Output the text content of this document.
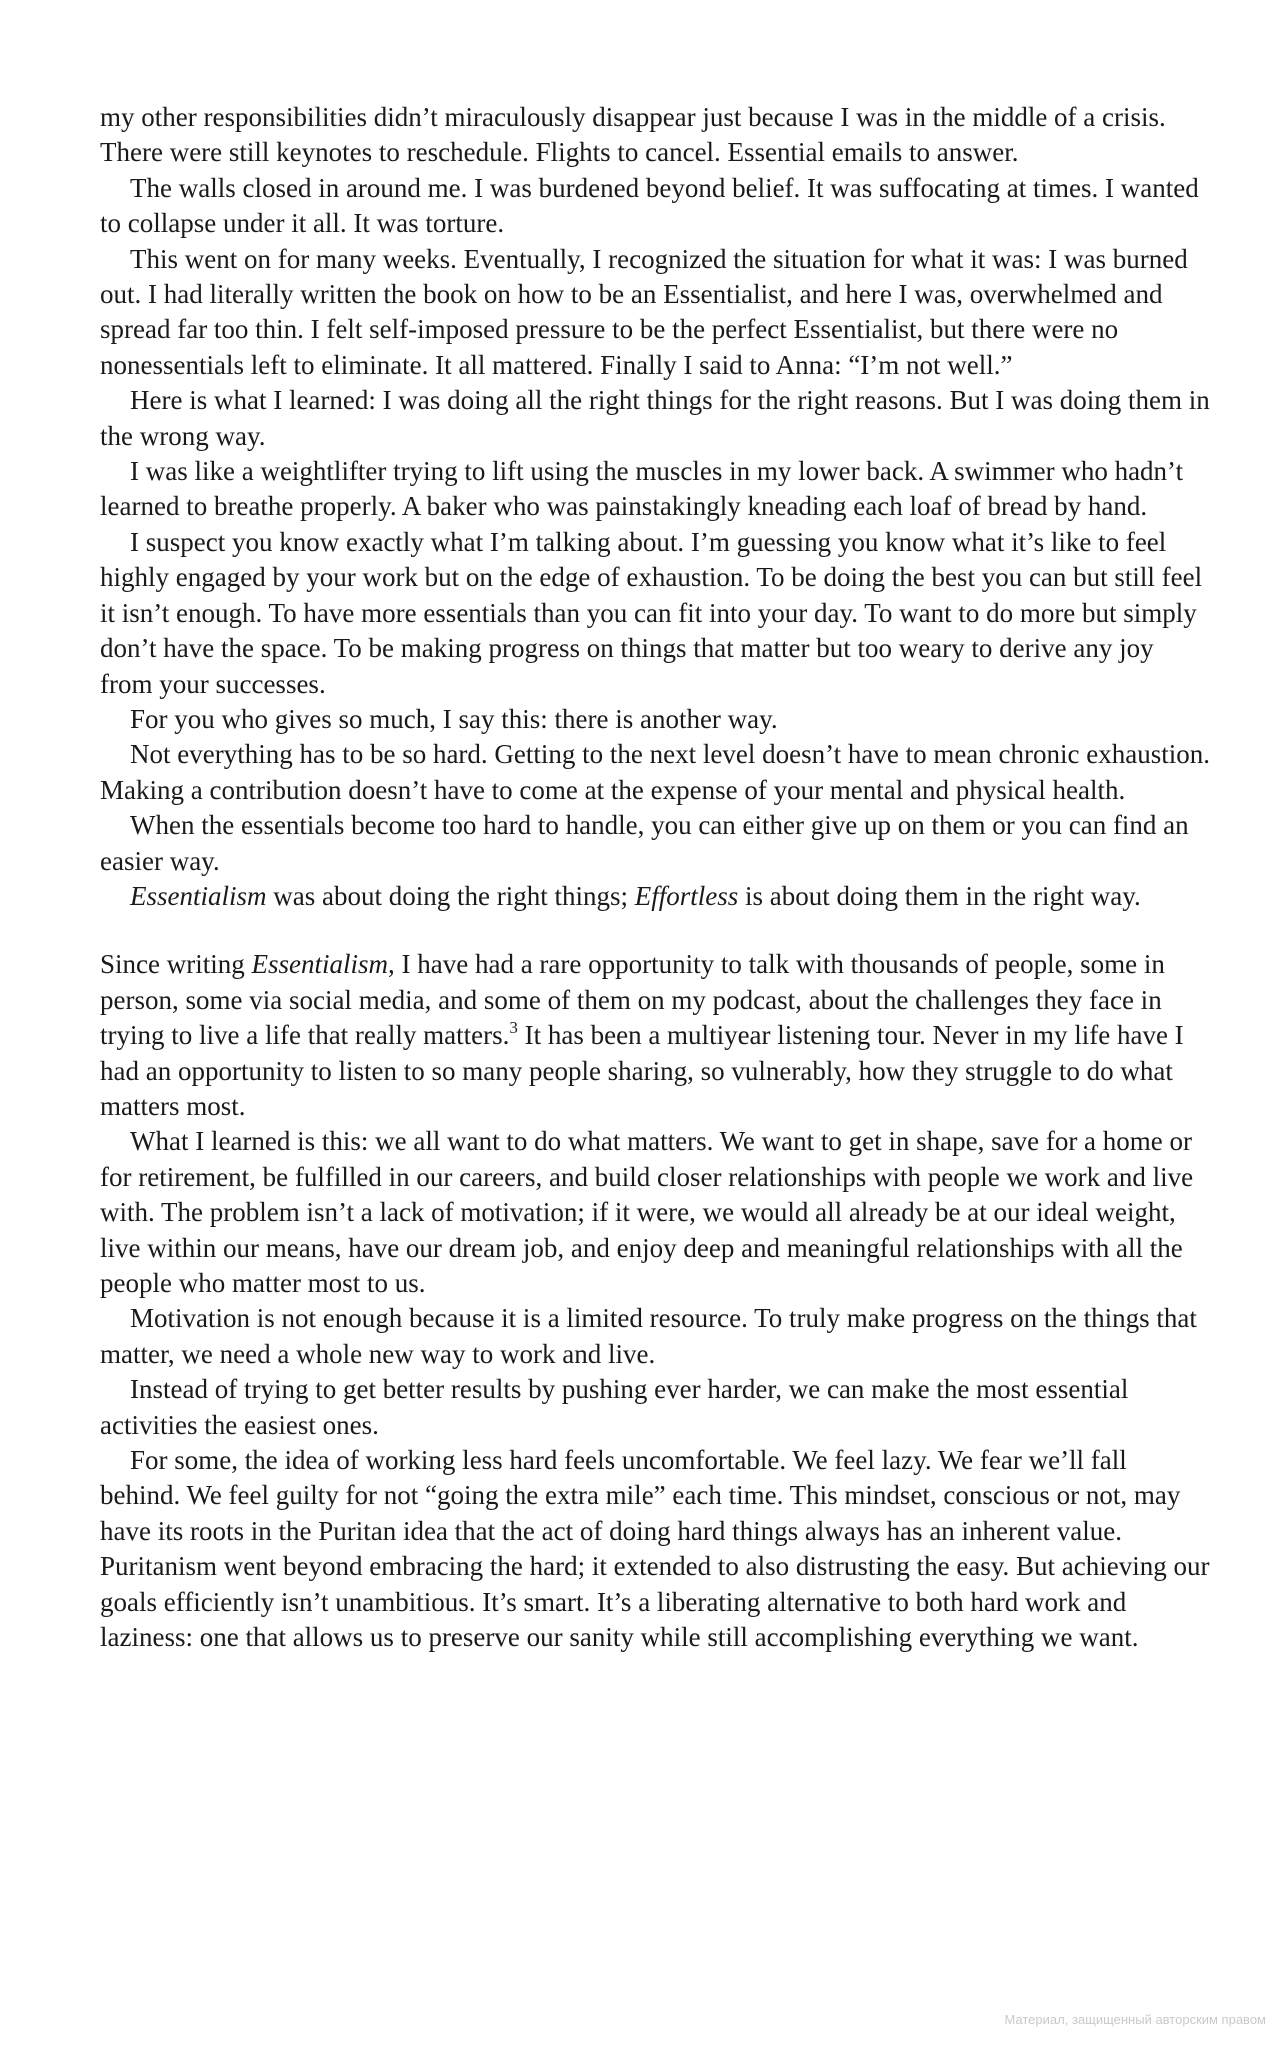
my other responsibilities didn’t miraculously disappear just because I was in the middle of a crisis. There were still keynotes to reschedule. Flights to cancel. Essential emails to answer.

The walls closed in around me. I was burdened beyond belief. It was suffocating at times. I wanted to collapse under it all. It was torture.

This went on for many weeks. Eventually, I recognized the situation for what it was: I was burned out. I had literally written the book on how to be an Essentialist, and here I was, overwhelmed and spread far too thin. I felt self-imposed pressure to be the perfect Essentialist, but there were no nonessentials left to eliminate. It all mattered. Finally I said to Anna: “I’m not well.”

Here is what I learned: I was doing all the right things for the right reasons. But I was doing them in the wrong way.

I was like a weightlifter trying to lift using the muscles in my lower back. A swimmer who hadn’t learned to breathe properly. A baker who was painstakingly kneading each loaf of bread by hand.

I suspect you know exactly what I’m talking about. I’m guessing you know what it’s like to feel highly engaged by your work but on the edge of exhaustion. To be doing the best you can but still feel it isn’t enough. To have more essentials than you can fit into your day. To want to do more but simply don’t have the space. To be making progress on things that matter but too weary to derive any joy from your successes.

For you who gives so much, I say this: there is another way.

Not everything has to be so hard. Getting to the next level doesn’t have to mean chronic exhaustion. Making a contribution doesn’t have to come at the expense of your mental and physical health.

When the essentials become too hard to handle, you can either give up on them or you can find an easier way.

Essentialism was about doing the right things; Effortless is about doing them in the right way.

Since writing Essentialism, I have had a rare opportunity to talk with thousands of people, some in person, some via social media, and some of them on my podcast, about the challenges they face in trying to live a life that really matters.$^3$ It has been a multiyear listening tour. Never in my life have I had an opportunity to listen to so many people sharing, so vulnerably, how they struggle to do what matters most.

What I learned is this: we all want to do what matters. We want to get in shape, save for a home or for retirement, be fulfilled in our careers, and build closer relationships with people we work and live with. The problem isn’t a lack of motivation; if it were, we would all already be at our ideal weight, live within our means, have our dream job, and enjoy deep and meaningful relationships with all the people who matter most to us.

Motivation is not enough because it is a limited resource. To truly make progress on the things that matter, we need a whole new way to work and live.

Instead of trying to get better results by pushing ever harder, we can make the most essential activities the easiest ones.

For some, the idea of working less hard feels uncomfortable. We feel lazy. We fear we’ll fall behind. We feel guilty for not “going the extra mile” each time. This mindset, conscious or not, may have its roots in the Puritan idea that the act of doing hard things always has an inherent value. Puritanism went beyond embracing the hard; it extended to also distrusting the easy. But achieving our goals efficiently isn’t unambitious. It’s smart. It’s a liberating alternative to both hard work and laziness: one that allows us to preserve our sanity while still accomplishing everything we want.

Материал, защищенный авторским правом
